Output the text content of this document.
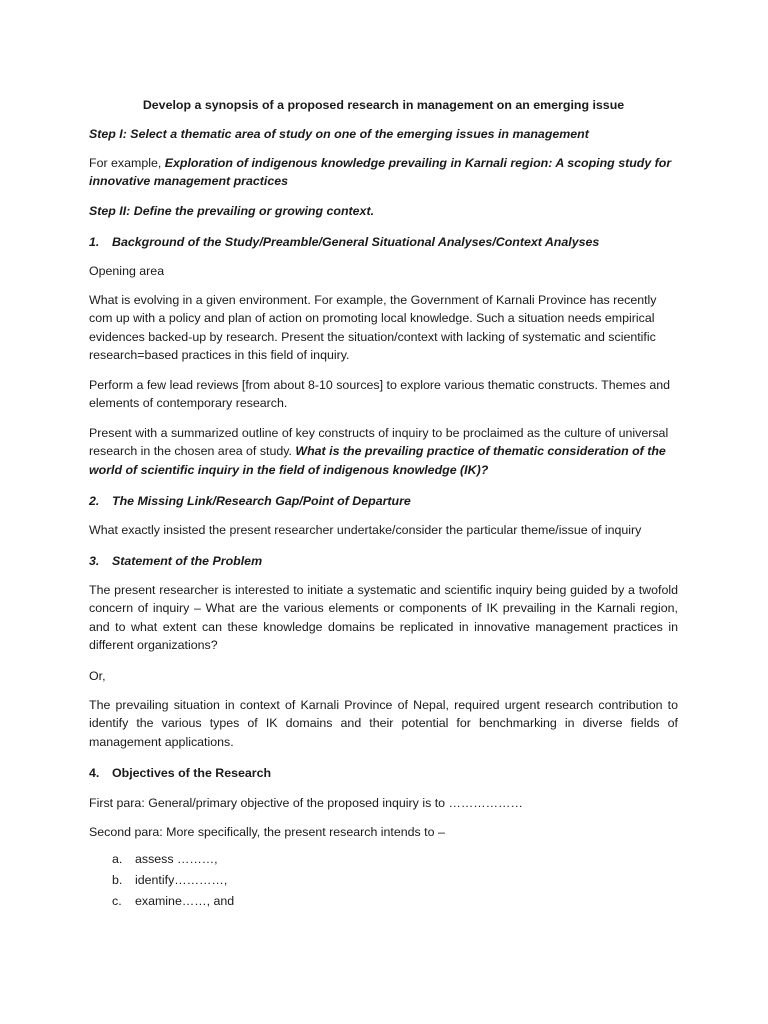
Develop a synopsis of a proposed research in management on an emerging issue

Step I: Select a thematic area of study on one of the emerging issues in management

For example, Exploration of indigenous knowledge prevailing in Karnali region: A scoping study for innovative management practices

Step II: Define the prevailing or growing context.

1. Background of the Study/Preamble/General Situational Analyses/Context Analyses

Opening area

What is evolving in a given environment. For example, the Government of Karnali Province has recently com up with a policy and plan of action on promoting local knowledge. Such a situation needs empirical evidences backed-up by research. Present the situation/context with lacking of systematic and scientific research=based practices in this field of inquiry.

Perform a few lead reviews [from about 8-10 sources] to explore various thematic constructs. Themes and elements of contemporary research.

Present with a summarized outline of key constructs of inquiry to be proclaimed as the culture of universal research in the chosen area of study. What is the prevailing practice of thematic consideration of the world of scientific inquiry in the field of indigenous knowledge (IK)?

2. The Missing Link/Research Gap/Point of Departure

What exactly insisted the present researcher undertake/consider the particular theme/issue of inquiry

3. Statement of the Problem

The present researcher is interested to initiate a systematic and scientific inquiry being guided by a twofold concern of inquiry – What are the various elements or components of IK prevailing in the Karnali region, and to what extent can these knowledge domains be replicated in innovative management practices in different organizations?

Or,

The prevailing situation in context of Karnali Province of Nepal, required urgent research contribution to identify the various types of IK domains and their potential for benchmarking in diverse fields of management applications.

4. Objectives of the Research

First para: General/primary objective of the proposed inquiry is to ………………

Second para: More specifically, the present research intends to –

a. assess ………,
b. identify…………,
c. examine……, and
